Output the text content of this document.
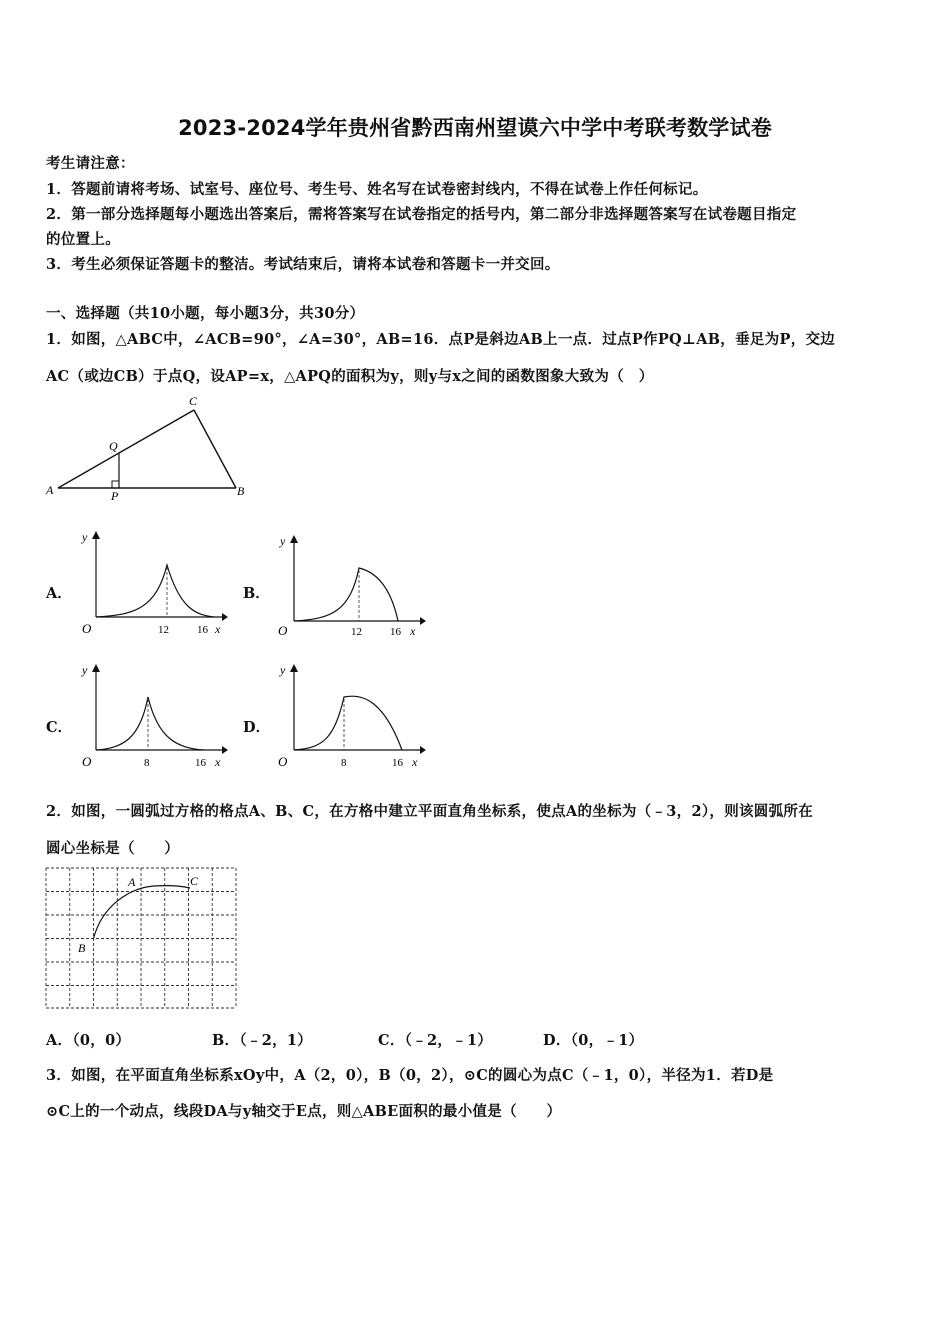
2023-2024学年贵州省黔西南州望谟六中学中考联考数学试卷
考生请注意：
1．答题前请将考场、试室号、座位号、考生号、姓名写在试卷密封线内，不得在试卷上作任何标记。
2．第一部分选择题每小题选出答案后，需将答案写在试卷指定的括号内，第二部分非选择题答案写在试卷题目指定
的位置上。
3．考生必须保证答题卡的整洁。考试结束后，请将本试卷和答题卡一并交回。
一、选择题（共10小题，每小题3分，共30分）
1．如图，△ABC中，∠ACB=90°，∠A=30°，AB=16．点P是斜边AB上一点．过点P作PQ⊥AB，垂足为P，交边
AC（或边CB）于点Q，设AP=x，△APQ的面积为y，则y与x之间的函数图象大致为（　）
A	B
C
P
Q
A．
y
O	12	16 x
B．
y
O	12	16 x
C．
y
O	8	16 x
D．
y
O	8	16 x
2．如图，一圆弧过方格的格点A、B、C，在方格中建立平面直角坐标系，使点A的坐标为（﹣3，2），则该圆弧所在
圆心坐标是（　　）
A
B
C
A．（0，0）	B．（﹣2，1）	C．（﹣2，﹣1）	D．（0，﹣1）
3．如图，在平面直角坐标系xOy中，A（2，0），B（0，2），⊙C的圆心为点C（﹣1，0），半径为1．若D是
⊙C上的一个动点，线段DA与y轴交于E点，则△ABE面积的最小值是（　　）
